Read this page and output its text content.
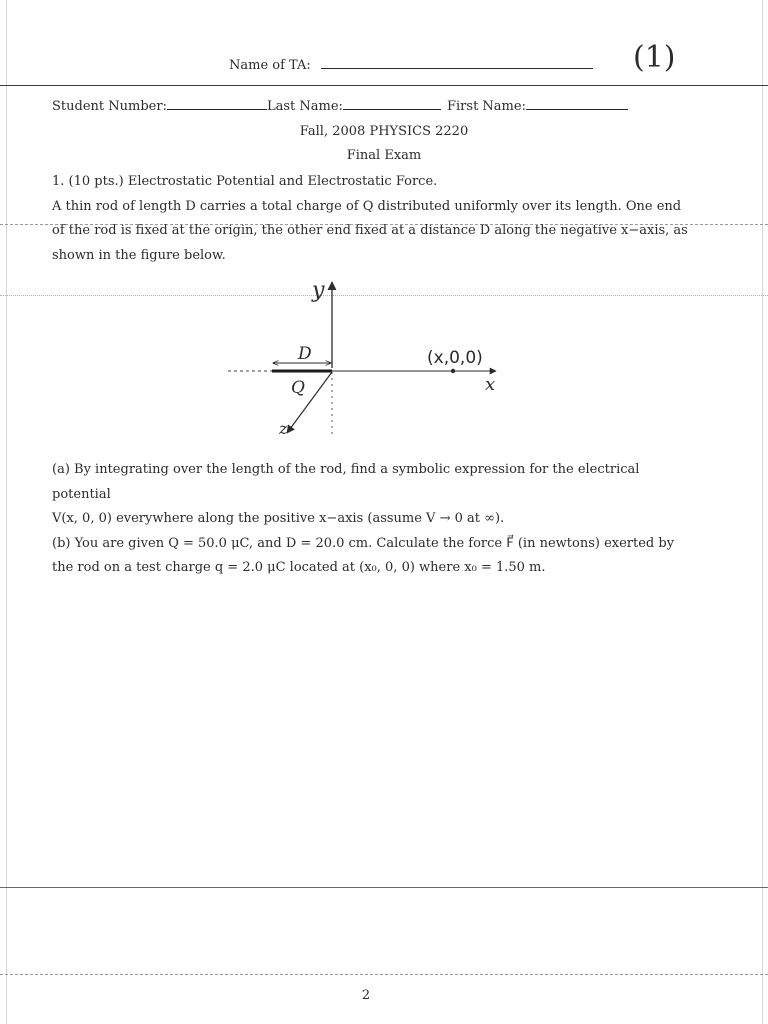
Name of TA:	(1)
Student Number:	Last Name:	First Name:
Fall, 2008 PHYSICS 2220
Final Exam
1. (10 pts.) Electrostatic Potential and Electrostatic Force.
A thin rod of length D carries a total charge of Q distributed uniformly over its length. One end
of the rod is fixed at the origin, the other end fixed at a distance D along the negative x−axis, as
shown in the figure below.
y
x
z
D
Q
(x,0,0)
(a) By integrating over the length of the rod, find a symbolic expression for the electrical potential
V(x, 0, 0) everywhere along the positive x−axis (assume V → 0 at ∞).
(b) You are given Q = 50.0 μC, and D = 20.0 cm. Calculate the force F⃗ (in newtons) exerted by
the rod on a test charge q = 2.0 μC located at (x₀, 0, 0) where x₀ = 1.50 m.
2
